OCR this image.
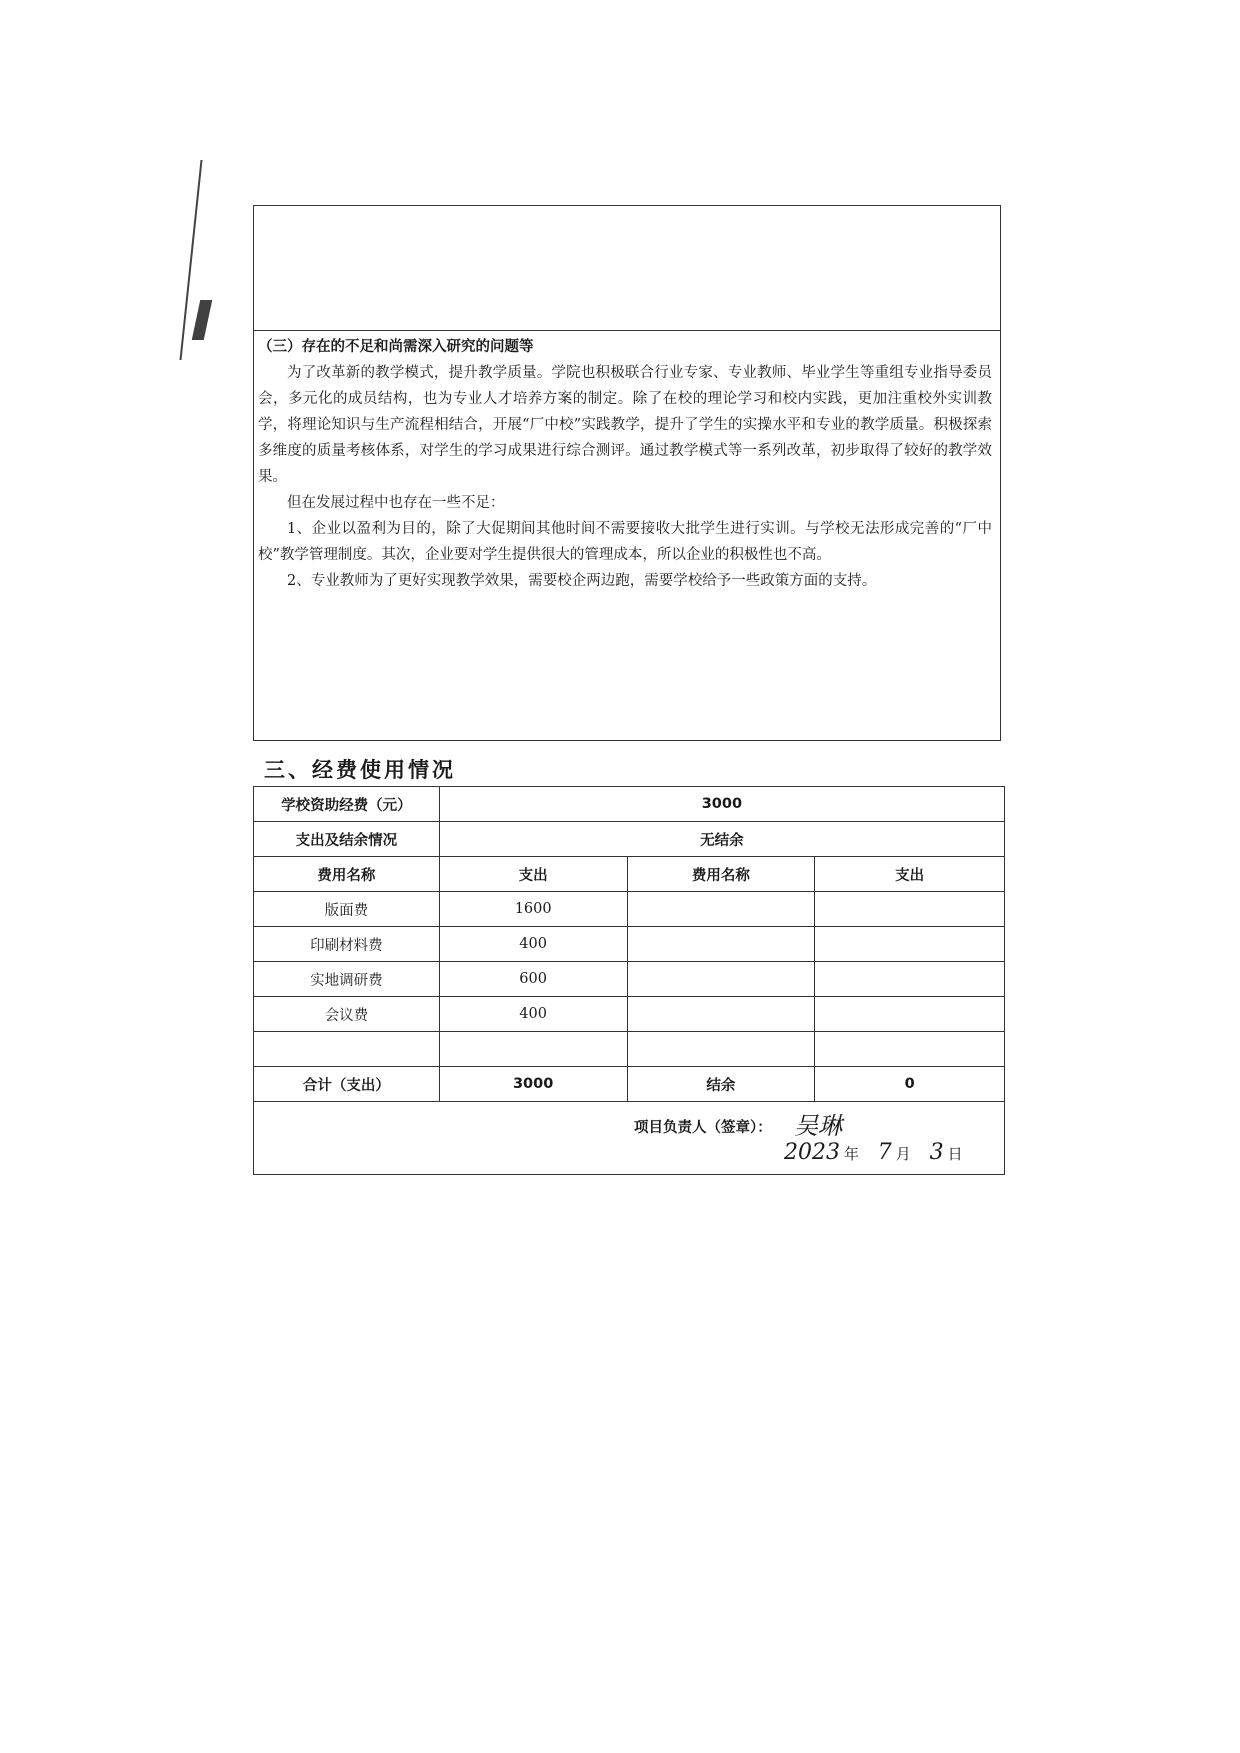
（三）存在的不足和尚需深入研究的问题等

为了改革新的教学模式，提升教学质量。学院也积极联合行业专家、专业教师、毕业学生等重组专业指导委员会，多元化的成员结构，也为专业人才培养方案的制定。除了在校的理论学习和校内实践，更加注重校外实训教学，将理论知识与生产流程相结合，开展“厂中校”实践教学，提升了学生的实操水平和专业的教学质量。积极探索多维度的质量考核体系，对学生的学习成果进行综合测评。通过教学模式等一系列改革，初步取得了较好的教学效果。

但在发展过程中也存在一些不足：

1、企业以盈利为目的，除了大促期间其他时间不需要接收大批学生进行实训。与学校无法形成完善的“厂中校”教学管理制度。其次，企业要对学生提供很大的管理成本，所以企业的积极性也不高。

2、专业教师为了更好实现教学效果，需要校企两边跑，需要学校给予一些政策方面的支持。

三、经费使用情况
学校资助经费（元）	3000		
支出及结余情况	无结余		
费用名称	支出	费用名称	支出
版面费	1600		
印刷材料费	400		
实地调研费	600		
会议费	400		

合计（支出）	3000	结余	0

项目负责人（签章）： 吴琳
2023 年 7 月 3 日			
